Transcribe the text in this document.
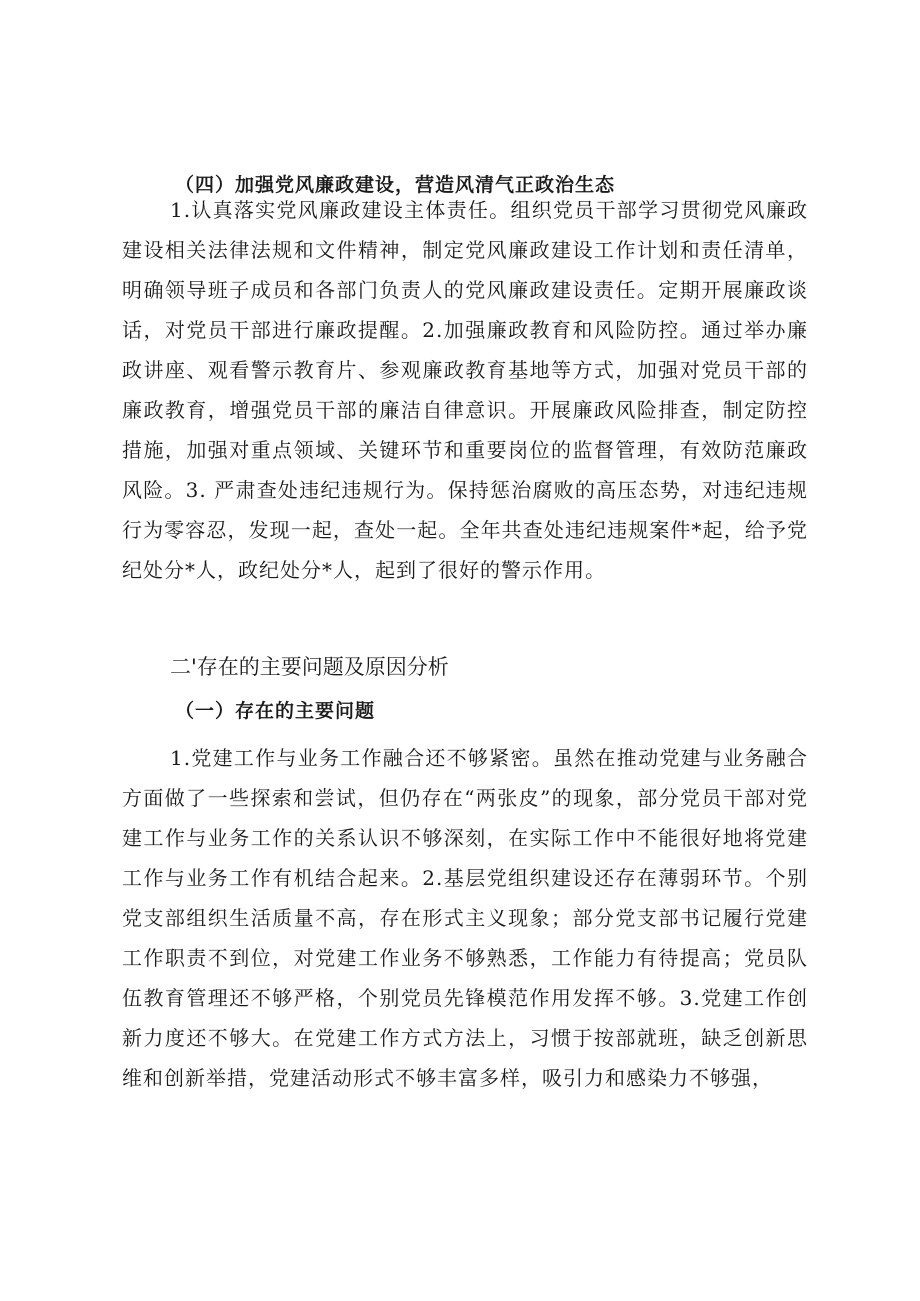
（四）加强党风廉政建设，营造风清气正政治生态
1.认真落实党风廉政建设主体责任。组织党员干部学习贯彻党风廉政建设相关法律法规和文件精神，制定党风廉政建设工作计划和责任清单，明确领导班子成员和各部门负责人的党风廉政建设责任。定期开展廉政谈话，对党员干部进行廉政提醒。2.加强廉政教育和风险防控。通过举办廉政讲座、观看警示教育片、参观廉政教育基地等方式，加强对党员干部的廉政教育，增强党员干部的廉洁自律意识。开展廉政风险排查，制定防控措施，加强对重点领域、关键环节和重要岗位的监督管理，有效防范廉政风险。3. 严肃查处违纪违规行为。保持惩治腐败的高压态势，对违纪违规行为零容忍，发现一起，查处一起。全年共查处违纪违规案件*起，给予党纪处分*人，政纪处分*人，起到了很好的警示作用。
二'存在的主要问题及原因分析
（一）存在的主要问题
1.党建工作与业务工作融合还不够紧密。虽然在推动党建与业务融合方面做了一些探索和尝试，但仍存在“两张皮”的现象，部分党员干部对党建工作与业务工作的关系认识不够深刻，在实际工作中不能很好地将党建工作与业务工作有机结合起来。2.基层党组织建设还存在薄弱环节。个别党支部组织生活质量不高，存在形式主义现象；部分党支部书记履行党建工作职责不到位，对党建工作业务不够熟悉，工作能力有待提高；党员队伍教育管理还不够严格，个别党员先锋模范作用发挥不够。3.党建工作创新力度还不够大。在党建工作方式方法上，习惯于按部就班，缺乏创新思维和创新举措，党建活动形式不够丰富多样，吸引力和感染力不够强，
